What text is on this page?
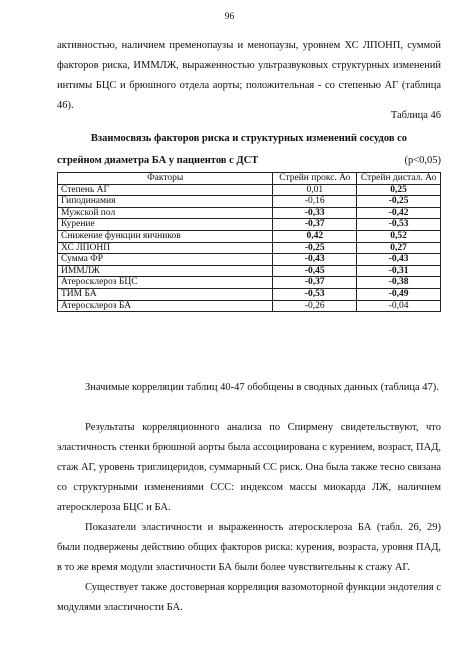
96

активностью, наличием пременопаузы и менопаузы, уровнем ХС ЛПОНП, суммой факторов риска, ИММЛЖ, выраженностью ультразвуковых структурных изменений интимы БЦС и брюшного отдела аорты; положительная - со степенью АГ (таблица 46).

Таблица 46
Взаимосвязь факторов риска и структурных изменений сосудов со
стрейном диаметра БА у пациентов с ДСТ	(p<0,05)
Факторы	Стрейн прокс. Ао	Стрейн дистал. Ао
Степень АГ	0,01	0,25
Гиподинамия	-0,16	-0,25
Мужской пол	-0,33	-0,42
Курение	-0,37	-0,53
Снижение функции яичников	0,42	0,52
ХС ЛПОНП	-0,25	0,27
Сумма ФР	-0,43	-0,43
ИММЛЖ	-0,45	-0,31
Атеросклероз БЦС	-0,37	-0,38
ТИМ БА	-0,53	-0,49
Атеросклероз БА	-0,26	-0,04

Значимые корреляции таблиц 40-47 обобщены в сводных данных (таблица 47).

Результаты корреляционного анализа по Спирмену свидетельствуют, что эластичность стенки брюшной аорты была ассоциирована с курением, возраст, ПАД, стаж АГ, уровень триглицеридов, суммарный СС риск. Она была также тесно связана со структурными изменениями ССС: индексом массы миокарда ЛЖ, наличием атеросклероза БЦС и БА.

Показатели эластичности и выраженность атеросклероза БА (табл. 26, 29) были подвержены действию общих факторов риска: курения, возраста, уровня ПАД, в то же время модули эластичности БА были более чувствительны к стажу АГ.

Существует также достоверная корреляция вазомоторной функции эндотелия с модулями эластичности БА.
